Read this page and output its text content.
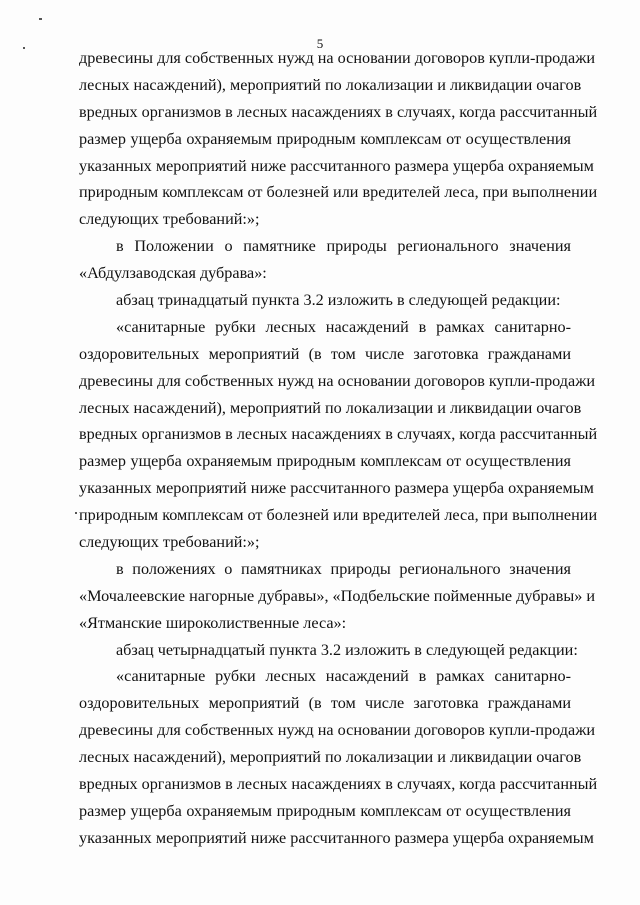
5
древесины для собственных нужд на основании договоров купли-продажи
лесных насаждений), мероприятий по локализации и ликвидации очагов
вредных организмов в лесных насаждениях в случаях, когда рассчитанный
размер ущерба охраняемым природным комплексам от осуществления
указанных мероприятий ниже рассчитанного размера ущерба охраняемым
природным комплексам от болезней или вредителей леса, при выполнении
следующих требований:»;
в Положении о памятнике природы регионального значения
«Абдулзаводская дубрава»:
абзац тринадцатый пункта 3.2 изложить в следующей редакции:
«санитарные рубки лесных насаждений в рамках санитарно-
оздоровительных мероприятий (в том числе заготовка гражданами
древесины для собственных нужд на основании договоров купли-продажи
лесных насаждений), мероприятий по локализации и ликвидации очагов
вредных организмов в лесных насаждениях в случаях, когда рассчитанный
размер ущерба охраняемым природным комплексам от осуществления
указанных мероприятий ниже рассчитанного размера ущерба охраняемым
природным комплексам от болезней или вредителей леса, при выполнении
следующих требований:»;
в положениях о памятниках природы регионального значения
«Мочалеевские нагорные дубравы», «Подбельские пойменные дубравы» и
«Ятманские широколиственные леса»:
абзац четырнадцатый пункта 3.2 изложить в следующей редакции:
«санитарные рубки лесных насаждений в рамках санитарно-
оздоровительных мероприятий (в том числе заготовка гражданами
древесины для собственных нужд на основании договоров купли-продажи
лесных насаждений), мероприятий по локализации и ликвидации очагов
вредных организмов в лесных насаждениях в случаях, когда рассчитанный
размер ущерба охраняемым природным комплексам от осуществления
указанных мероприятий ниже рассчитанного размера ущерба охраняемым
